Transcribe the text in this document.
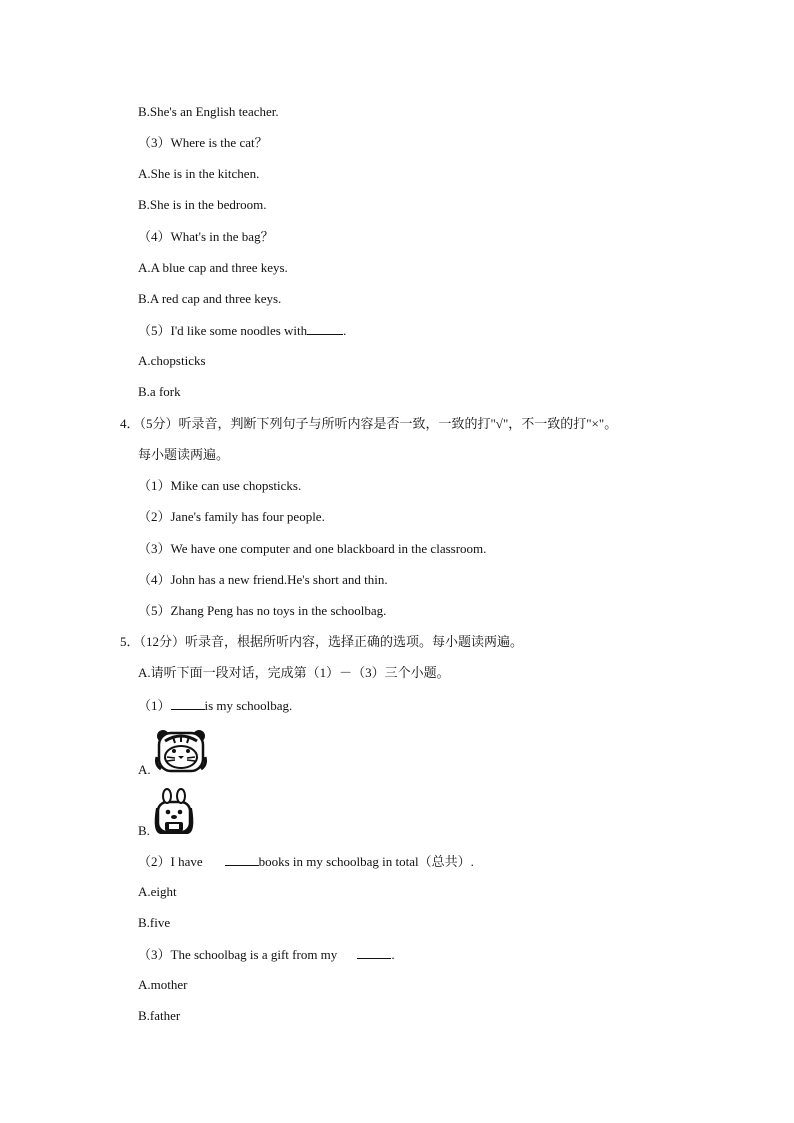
B.She's an English teacher.
（3）Where is the cat？
A.She is in the kitchen.
B.She is in the bedroom.
（4）What's in the bag？
A.A blue cap and three keys.
B.A red cap and three keys.
（5）I'd like some noodles with	.
A.chopsticks
B.a fork
4．（5分）听录音，判断下列句子与所听内容是否一致，一致的打"√"，不一致的打"×"。
每小题读两遍。
（1）Mike can use chopsticks.
（2）Jane's family has four people.
（3）We have one computer and one blackboard in the classroom.
（4）John has a new friend.He's short and thin.
（5）Zhang Peng has no toys in the schoolbag.
5．（12分）听录音，根据所听内容，选择正确的选项。每小题读两遍。
A.请听下面一段对话，完成第（1）－（3）三个小题。
（1）	is my schoolbag.
A.
B.
（2）I have	books in my schoolbag in total（总共）.
A.eight
B.five
（3）The schoolbag is a gift from my	.
A.mother
B.father
